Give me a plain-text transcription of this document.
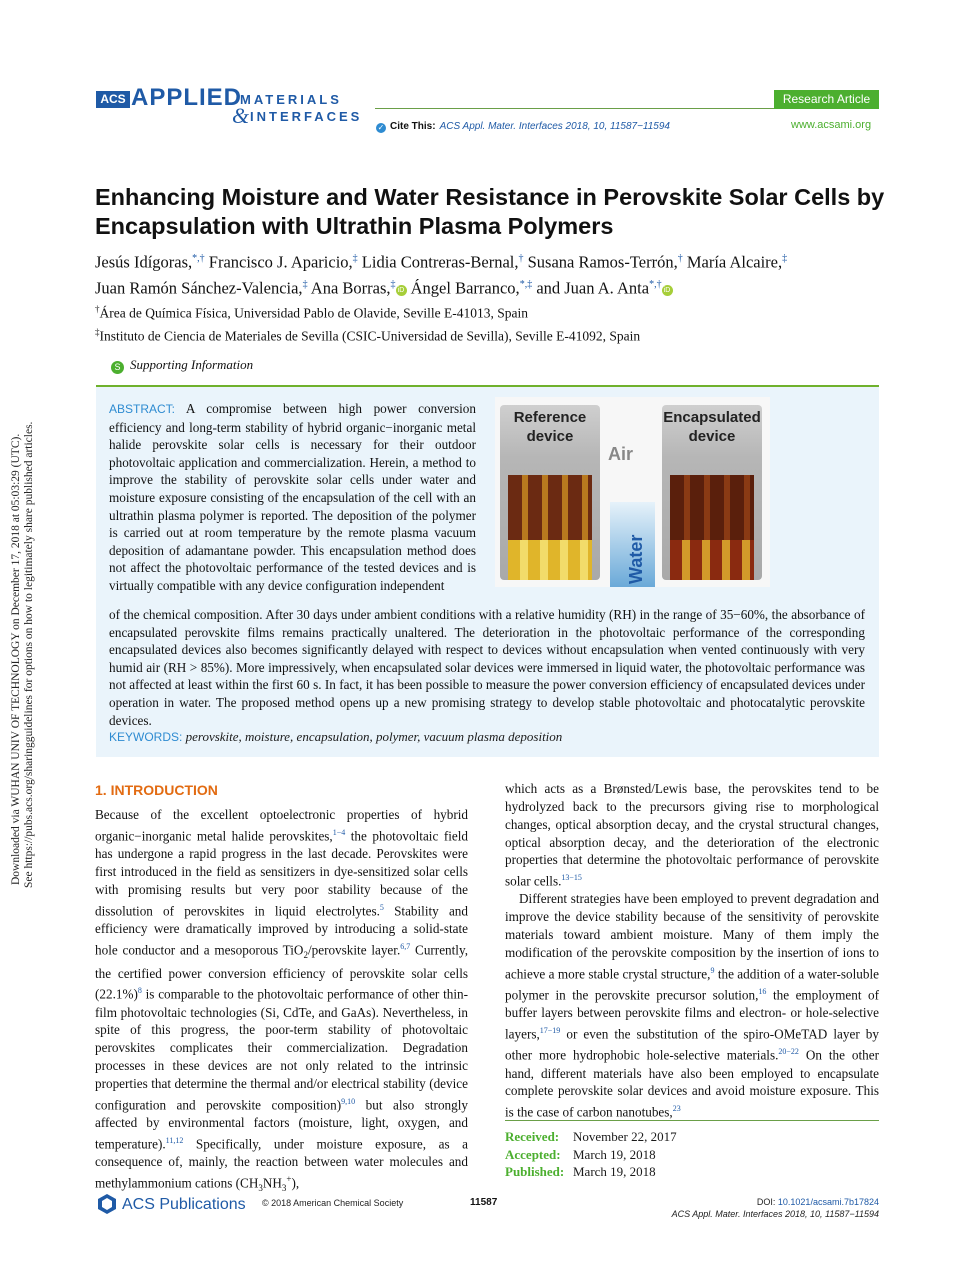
Downloaded via WUHAN UNIV OF TECHNOLOGY on December 17, 2018 at 05:03:29 (UTC). See https://pubs.acs.org/sharingguidelines for options on how to legitimately share published articles.
ACS APPLIED
MATERIALS
& INTERFACES
Research Article
✓ Cite This: ACS Appl. Mater. Interfaces 2018, 10, 11587−11594	www.acsami.org
Enhancing Moisture and Water Resistance in Perovskite Solar Cells by Encapsulation with Ultrathin Plasma Polymers
Jesús Idígoras,*,† Francisco J. Aparicio,‡ Lidia Contreras-Bernal,† Susana Ramos-Terrón,† María Alcaire,‡
Juan Ramón Sánchez-Valencia,‡ Ana Borras,‡iD Ángel Barranco,*,‡ and Juan A. Anta*,†iD
†Área de Química Física, Universidad Pablo de Olavide, Seville E-41013, Spain
‡Instituto de Ciencia de Materiales de Sevilla (CSIC-Universidad de Sevilla), Seville E-41092, Spain
S Supporting Information
ABSTRACT: A compromise between high power conversion efficiency and long-term stability of hybrid organic−inorganic metal halide perovskite solar cells is necessary for their outdoor photovoltaic application and commercialization. Herein, a method to improve the stability of perovskite solar cells under water and moisture exposure consisting of the encapsulation of the cell with an ultrathin plasma polymer is reported. The deposition of the polymer is carried out at room temperature by the remote plasma vacuum deposition of adamantane powder. This encapsulation method does not affect the photovoltaic performance of the tested devices and is virtually compatible with any device configuration independent
of the chemical composition. After 30 days under ambient conditions with a relative humidity (RH) in the range of 35−60%, the absorbance of encapsulated perovskite films remains practically unaltered. The deterioration in the photovoltaic performance of the corresponding encapsulated devices also becomes significantly delayed with respect to devices without encapsulation when vented continuously with very humid air (RH > 85%). More impressively, when encapsulated solar devices were immersed in liquid water, the photovoltaic performance was not affected at least within the first 60 s. In fact, it has been possible to measure the power conversion efficiency of encapsulated devices under operation in water. The proposed method opens up a new promising strategy to develop stable photovoltaic and photocatalytic perovskite devices.
KEYWORDS: perovskite, moisture, encapsulation, polymer, vacuum plasma deposition
Reference
device
Air
Water
Encapsulated
device
1. INTRODUCTION

Because of the excellent optoelectronic properties of hybrid organic−inorganic metal halide perovskites,$^{1-4}$ the photovoltaic field has undergone a rapid progress in the last decade. Perovskites were first introduced in the field as sensitizers in dye-sensitized solar cells with promising results but very poor stability because of the dissolution of perovskites in liquid electrolytes.$^5$ Stability and efficiency were dramatically improved by introducing a solid-state hole conductor and a mesoporous TiO$_2$/perovskite layer.$^{6,7}$ Currently, the certified power conversion efficiency of perovskite solar cells $(22.1\%)^8$ is comparable to the photovoltaic performance of other thin-film photovoltaic technologies (Si, CdTe, and GaAs). Nevertheless, in spite of this progress, the poor-term stability of photovoltaic perovskites complicates their commercialization. Degradation processes in these devices are not only related to the intrinsic properties that determine the thermal and/or electrical stability (device configuration and perovskite composition)$^{9,10}$ but also strongly affected by environmental factors (moisture, light, oxygen, and temperature).$^{11,12}$ Specifically, under moisture exposure, as a consequence of, mainly, the reaction between water molecules and methylammonium cations $(CH_3NH_3^+)$,

which acts as a Brønsted/Lewis base, the perovskites tend to be hydrolyzed back to the precursors giving rise to morphological changes, optical absorption decay, and the crystal structural changes, optical absorption decay, and the deterioration of the electronic properties that determine the photovoltaic performance of perovskite solar cells.$^{13-15}$

Different strategies have been employed to prevent degradation and improve the device stability because of the sensitivity of perovskite materials toward ambient moisture. Many of them imply the modification of the perovskite composition by the insertion of ions to achieve a more stable crystal structure,$^9$ the addition of a water-soluble polymer in the perovskite precursor solution,$^{16}$ the employment of buffer layers between perovskite films and electron- or hole-selective layers,$^{17-19}$ or even the substitution of the spiro-OMeTAD layer by other more hydrophobic hole-selective materials.$^{20-22}$ On the other hand, different materials have also been employed to encapsulate complete perovskite solar devices and avoid moisture exposure. This is the case of carbon nanotubes,$^{23}$

Received: November 22, 2017
Accepted: March 19, 2018
Published: March 19, 2018
ACS Publications © 2018 American Chemical Society	11587	DOI: 10.1021/acsami.7b17824
ACS Appl. Mater. Interfaces 2018, 10, 11587−11594
